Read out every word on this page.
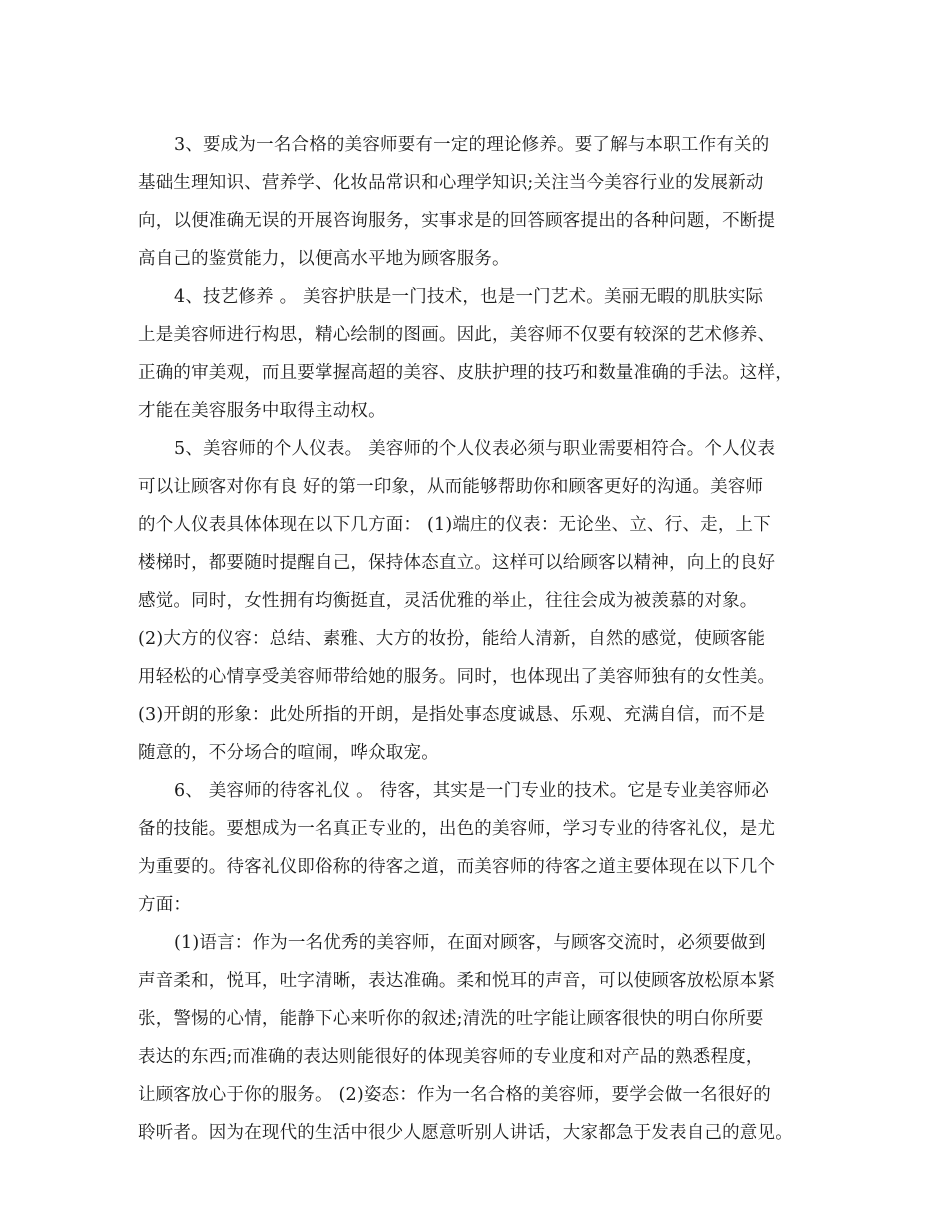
3、要成为一名合格的美容师要有一定的理论修养。要了解与本职工作有关的
基础生理知识、营养学、化妆品常识和心理学知识;关注当今美容行业的发展新动
向，以便准确无误的开展咨询服务，实事求是的回答顾客提出的各种问题，不断提
高自己的鉴赏能力，以便高水平地为顾客服务。
4、技艺修养 。 美容护肤是一门技术，也是一门艺术。美丽无暇的肌肤实际
上是美容师进行构思，精心绘制的图画。因此，美容师不仅要有较深的艺术修养、
正确的审美观，而且要掌握高超的美容、皮肤护理的技巧和数量准确的手法。这样，
才能在美容服务中取得主动权。
5、美容师的个人仪表。 美容师的个人仪表必须与职业需要相符合。个人仪表
可以让顾客对你有良 好的第一印象，从而能够帮助你和顾客更好的沟通。美容师
的个人仪表具体体现在以下几方面： (1)端庄的仪表：无论坐、立、行、走，上下
楼梯时，都要随时提醒自己，保持体态直立。这样可以给顾客以精神，向上的良好
感觉。同时，女性拥有均衡挺直，灵活优雅的举止，往往会成为被羡慕的对象。
(2)大方的仪容：总结、素雅、大方的妆扮，能给人清新，自然的感觉，使顾客能
用轻松的心情享受美容师带给她的服务。同时，也体现出了美容师独有的女性美。
(3)开朗的形象：此处所指的开朗，是指处事态度诚恳、乐观、充满自信，而不是
随意的，不分场合的喧闹，哗众取宠。
6、 美容师的待客礼仪 。 待客，其实是一门专业的技术。它是专业美容师必
备的技能。要想成为一名真正专业的，出色的美容师，学习专业的待客礼仪，是尤
为重要的。待客礼仪即俗称的待客之道，而美容师的待客之道主要体现在以下几个
方面：
(1)语言：作为一名优秀的美容师，在面对顾客，与顾客交流时，必须要做到
声音柔和，悦耳，吐字清晰，表达准确。柔和悦耳的声音，可以使顾客放松原本紧
张，警惕的心情，能静下心来听你的叙述;清洗的吐字能让顾客很快的明白你所要
表达的东西;而准确的表达则能很好的体现美容师的专业度和对产品的熟悉程度，
让顾客放心于你的服务。 (2)姿态：作为一名合格的美容师，要学会做一名很好的
聆听者。因为在现代的生活中很少人愿意听别人讲话，大家都急于发表自己的意见。
